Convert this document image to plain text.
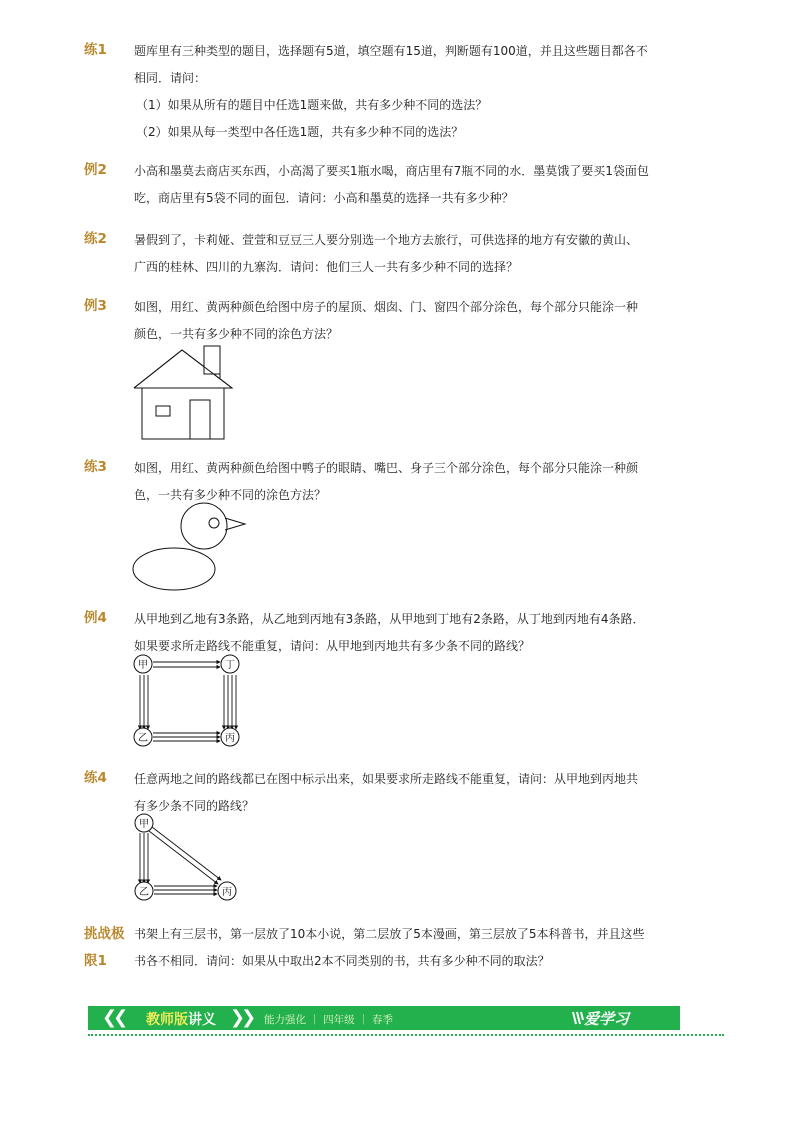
练1 题库里有三种类型的题目，选择题有5道，填空题有15道，判断题有100道，并且这些题目都各不

相同．请问：

（1）如果从所有的题目中任选1题来做，共有多少种不同的选法？

（2）如果从每一类型中各任选1题，共有多少种不同的选法？

例2 小高和墨莫去商店买东西，小高渴了要买1瓶水喝，商店里有7瓶不同的水．墨莫饿了要买1袋面包

吃，商店里有5袋不同的面包．请问：小高和墨莫的选择一共有多少种？

练2 暑假到了，卡莉娅、萱萱和豆豆三人要分别选一个地方去旅行，可供选择的地方有安徽的黄山、

广西的桂林、四川的九寨沟．请问：他们三人一共有多少种不同的选择？

例3 如图，用红、黄两种颜色给图中房子的屋顶、烟囱、门、窗四个部分涂色，每个部分只能涂一种

颜色，一共有多少种不同的涂色方法？

练3 如图，用红、黄两种颜色给图中鸭子的眼睛、嘴巴、身子三个部分涂色，每个部分只能涂一种颜

色，一共有多少种不同的涂色方法？

例4 从甲地到乙地有3条路，从乙地到丙地有3条路，从甲地到丁地有2条路，从丁地到丙地有4条路．

如果要求所走路线不能重复，请问：从甲地到丙地共有多少条不同的路线？

甲	丁
乙	丙
练4 任意两地之间的路线都已在图中标示出来，如果要求所走路线不能重复，请问：从甲地到丙地共

有多少条不同的路线？

甲
乙	丙
挑战极
限1

书架上有三层书，第一层放了10本小说，第二层放了5本漫画，第三层放了5本科普书，并且这些

书各不相同．请问：如果从中取出2本不同类别的书，共有多少种不同的取法？

❮❮ 教师版讲义 ❯❯ 能力强化 ｜ 四年级 ｜ 春季	爱学习
